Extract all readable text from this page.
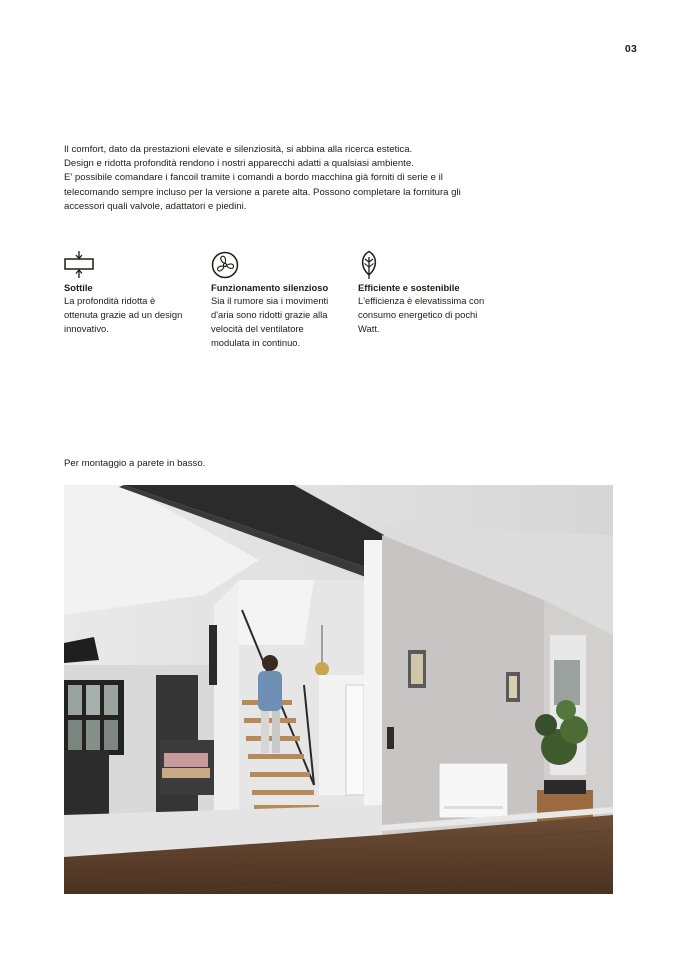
03

Il comfort, dato da prestazioni elevate e silenziosità, si abbina alla ricerca estetica.

Design e ridotta profondità rendono i nostri apparecchi adatti a qualsiasi ambiente.

E' possibile comandare i fancoil tramite i comandi a bordo macchina già forniti di serie e il

telecomando sempre incluso per la versione a parete alta. Possono completare la fornitura gli

accessori quali valvole, adattatori e piedini.

Sottile

La profondità ridotta è

ottenuta grazie ad un design

innovativo.

Funzionamento silenzioso

Sia il rumore sia i movimenti

d'aria sono ridotti grazie alla

velocità del ventilatore

modulata in continuo.

Efficiente e sostenibile

L'efficienza è elevatissima con

consumo energetico di pochi

Watt.

Per montaggio a parete in basso.
